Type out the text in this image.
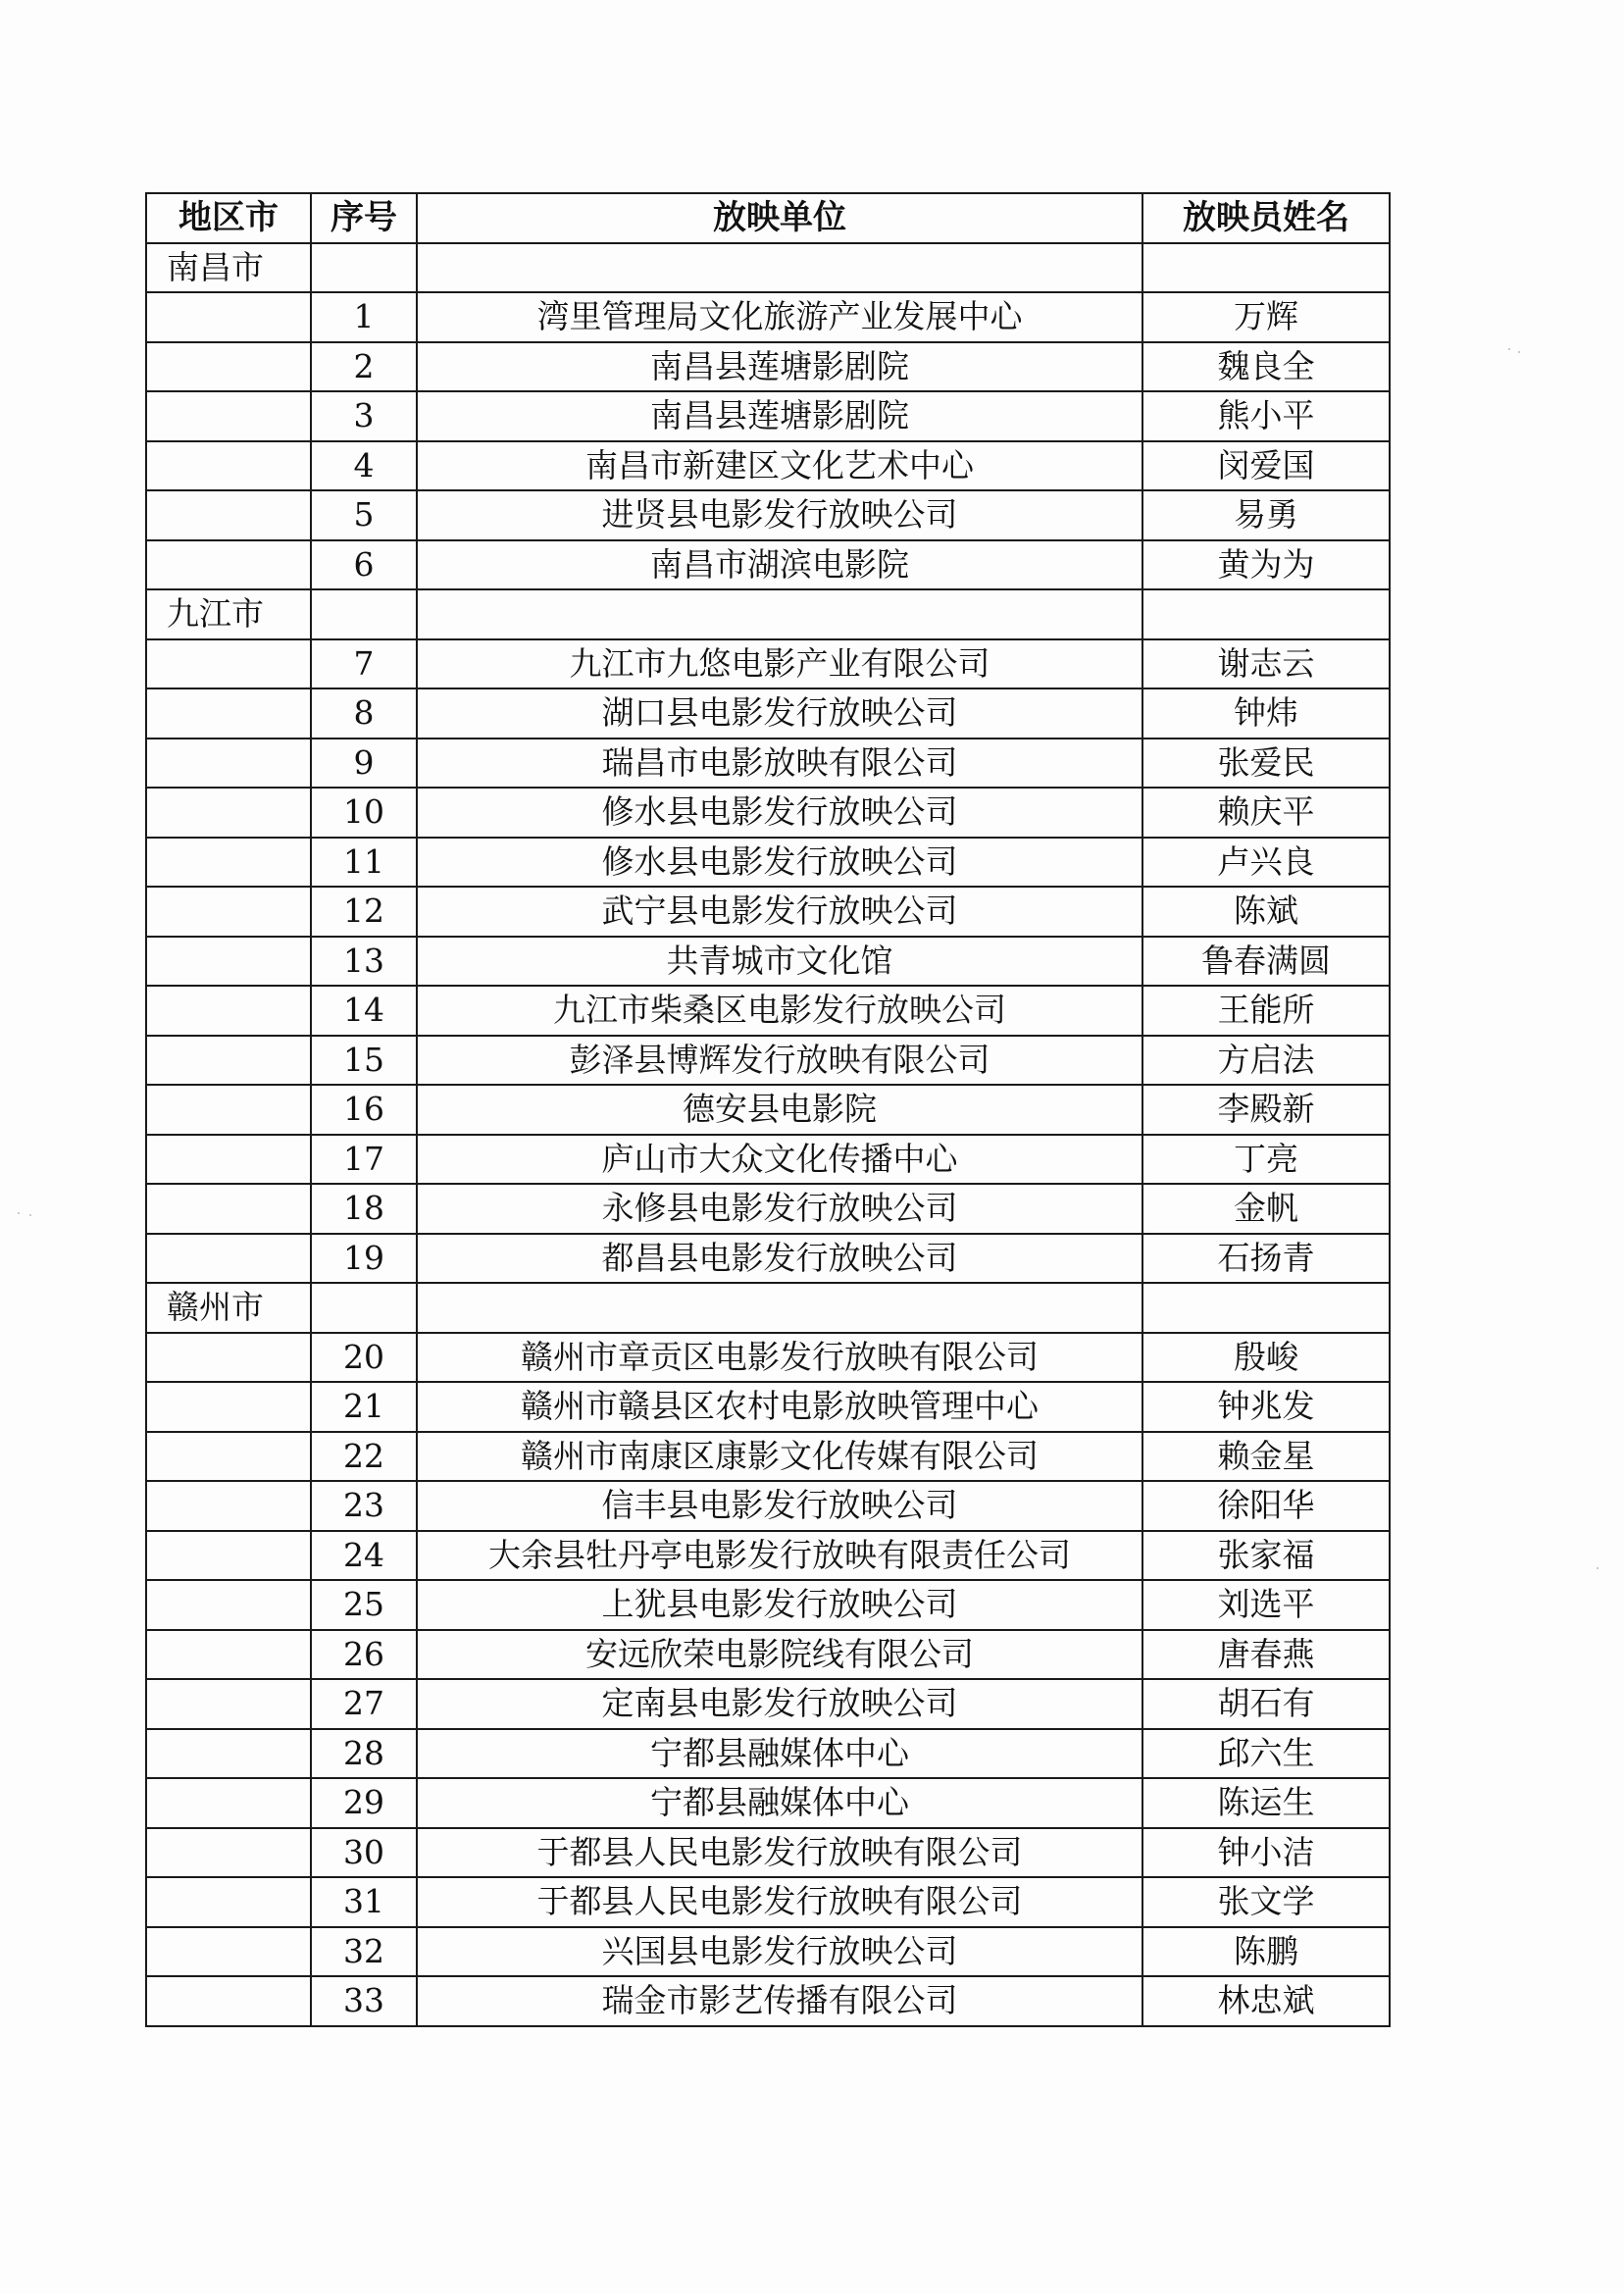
地区市	序号	放映单位	放映员姓名
南昌市			
	1	湾里管理局文化旅游产业发展中心	万辉
	2	南昌县莲塘影剧院	魏良全
	3	南昌县莲塘影剧院	熊小平
	4	南昌市新建区文化艺术中心	闵爱国
	5	进贤县电影发行放映公司	易勇
	6	南昌市湖滨电影院	黄为为
九江市			
	7	九江市九悠电影产业有限公司	谢志云
	8	湖口县电影发行放映公司	钟炜
	9	瑞昌市电影放映有限公司	张爱民
	10	修水县电影发行放映公司	赖庆平
	11	修水县电影发行放映公司	卢兴良
	12	武宁县电影发行放映公司	陈斌
	13	共青城市文化馆	鲁春满圆
	14	九江市柴桑区电影发行放映公司	王能所
	15	彭泽县博辉发行放映有限公司	方启法
	16	德安县电影院	李殿新
	17	庐山市大众文化传播中心	丁亮
	18	永修县电影发行放映公司	金帆
	19	都昌县电影发行放映公司	石扬青
赣州市			
	20	赣州市章贡区电影发行放映有限公司	殷峻
	21	赣州市赣县区农村电影放映管理中心	钟兆发
	22	赣州市南康区康影文化传媒有限公司	赖金星
	23	信丰县电影发行放映公司	徐阳华
	24	大余县牡丹亭电影发行放映有限责任公司	张家福
	25	上犹县电影发行放映公司	刘选平
	26	安远欣荣电影院线有限公司	唐春燕
	27	定南县电影发行放映公司	胡石有
	28	宁都县融媒体中心	邱六生
	29	宁都县融媒体中心	陈运生
	30	于都县人民电影发行放映有限公司	钟小洁
	31	于都县人民电影发行放映有限公司	张文学
	32	兴国县电影发行放映公司	陈鹏
	33	瑞金市影艺传播有限公司	林忠斌
